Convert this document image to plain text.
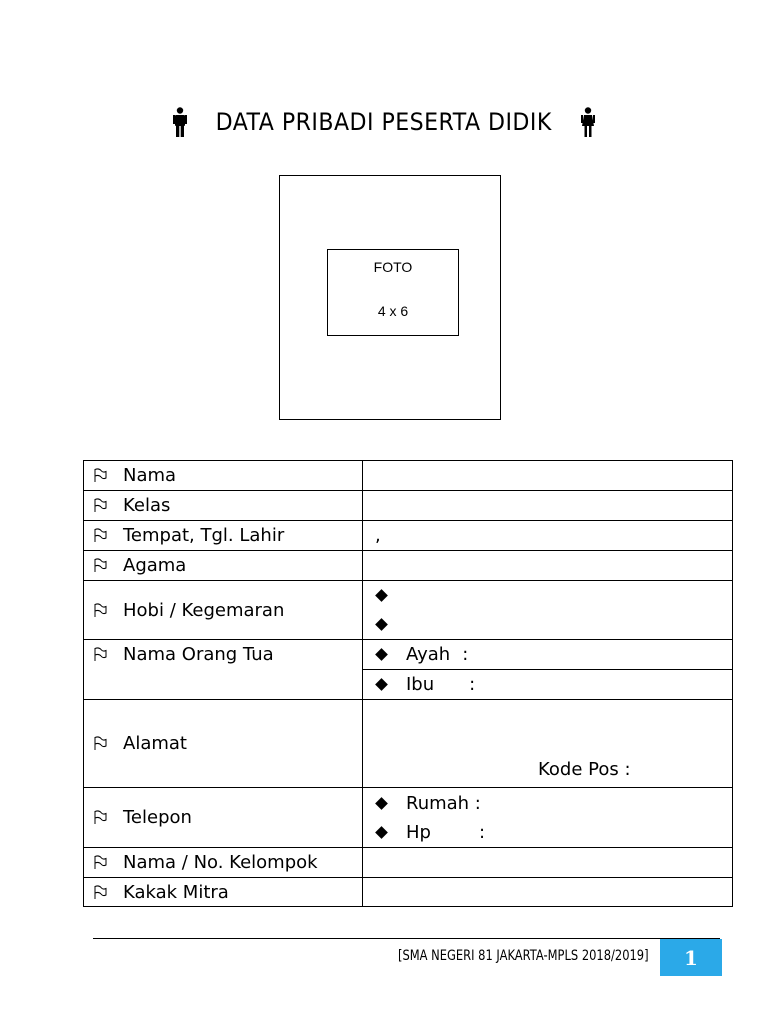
DATA PRIBADI PESERTA DIDIK
FOTO
4 x 6
Nama	

Kelas	

Tempat, Tgl. Lahir	,

Agama	

Hobi / Kegemaran	

Nama Orang Tua	Ayah :
Ibu :

Alamat	Kode Pos :

Telepon	Rumah :
Hp :

Nama / No. Kelompok	

Kakak Mitra	

[SMA NEGERI 81 JAKARTA-MPLS 2018/2019]	1
